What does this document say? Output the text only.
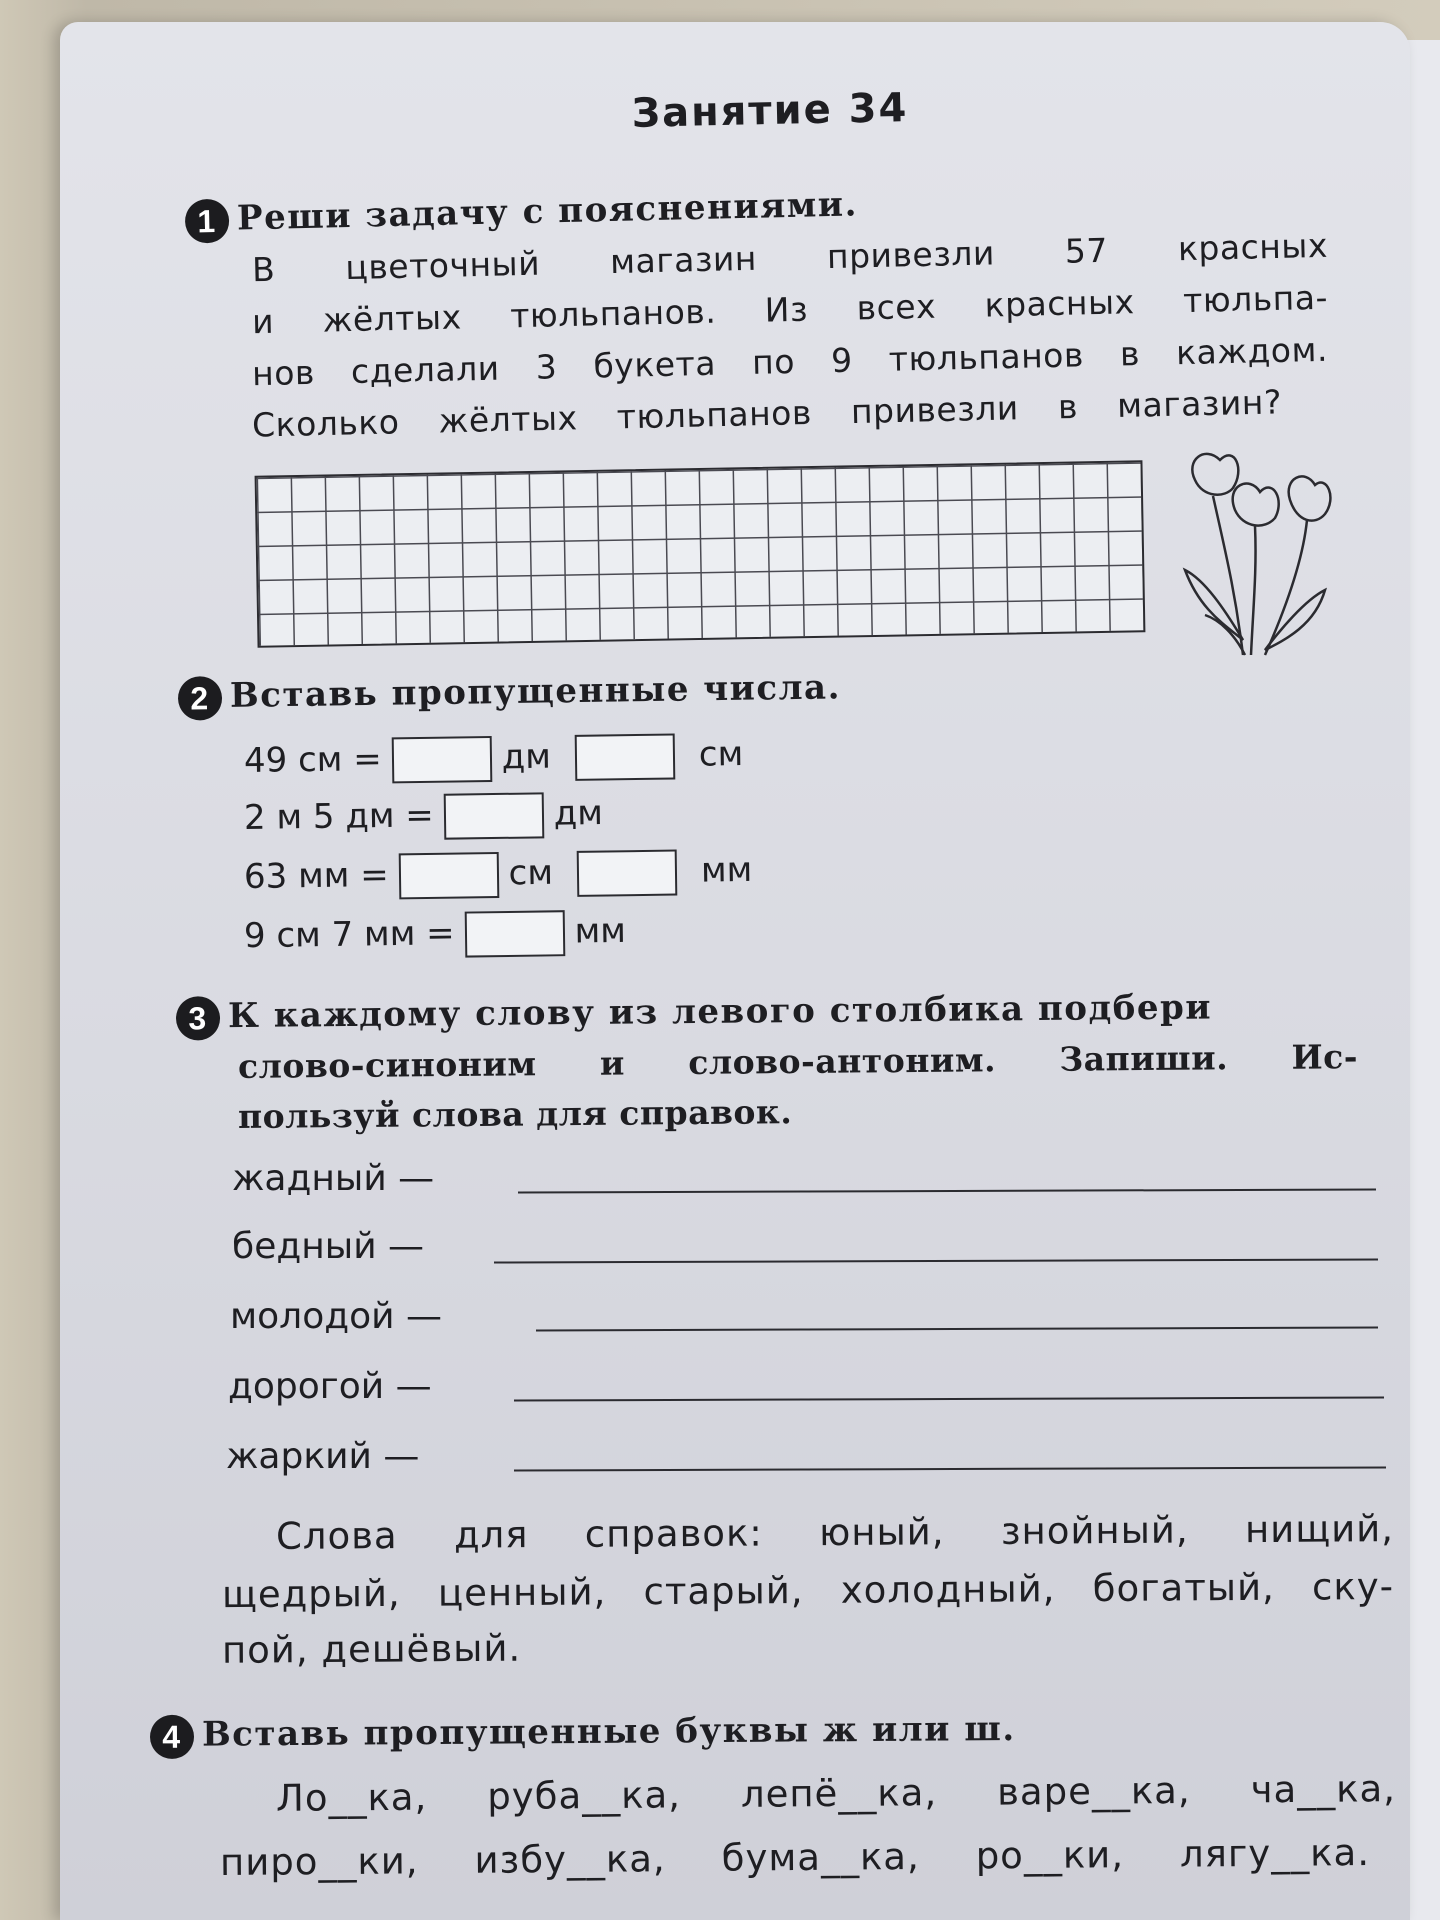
Занятие 34
1 Реши задачу с пояснениями.
В цветочный магазин привезли 57 красных
и жёлтых тюльпанов. Из всех красных тюльпа-
нов сделали 3 букета по 9 тюльпанов в каждом.
Сколько жёлтых тюльпанов привезли в магазин?
2 Вставь пропущенные числа.
49 см =	дм	см
2 м 5 дм =	дм
63 мм =	см	мм
9 см 7 мм =	мм
3 К каждому слову из левого столбика подбери
слово-синоним и слово-антоним. Запиши. Ис-
пользуй слова для справок.
жадный —
бедный —
молодой —
дорогой —
жаркий —
Слова для справок: юный, знойный, нищий,
щедрый, ценный, старый, холодный, богатый, ску-
пой, дешёвый.
4 Вставь пропущенные буквы ж или ш.
Ло__ка, руба__ка, лепё__ка, варе__ка, ча__ка,
пиро__ки, избу__ка, бума__ка, ро__ки, лягу__ка.
